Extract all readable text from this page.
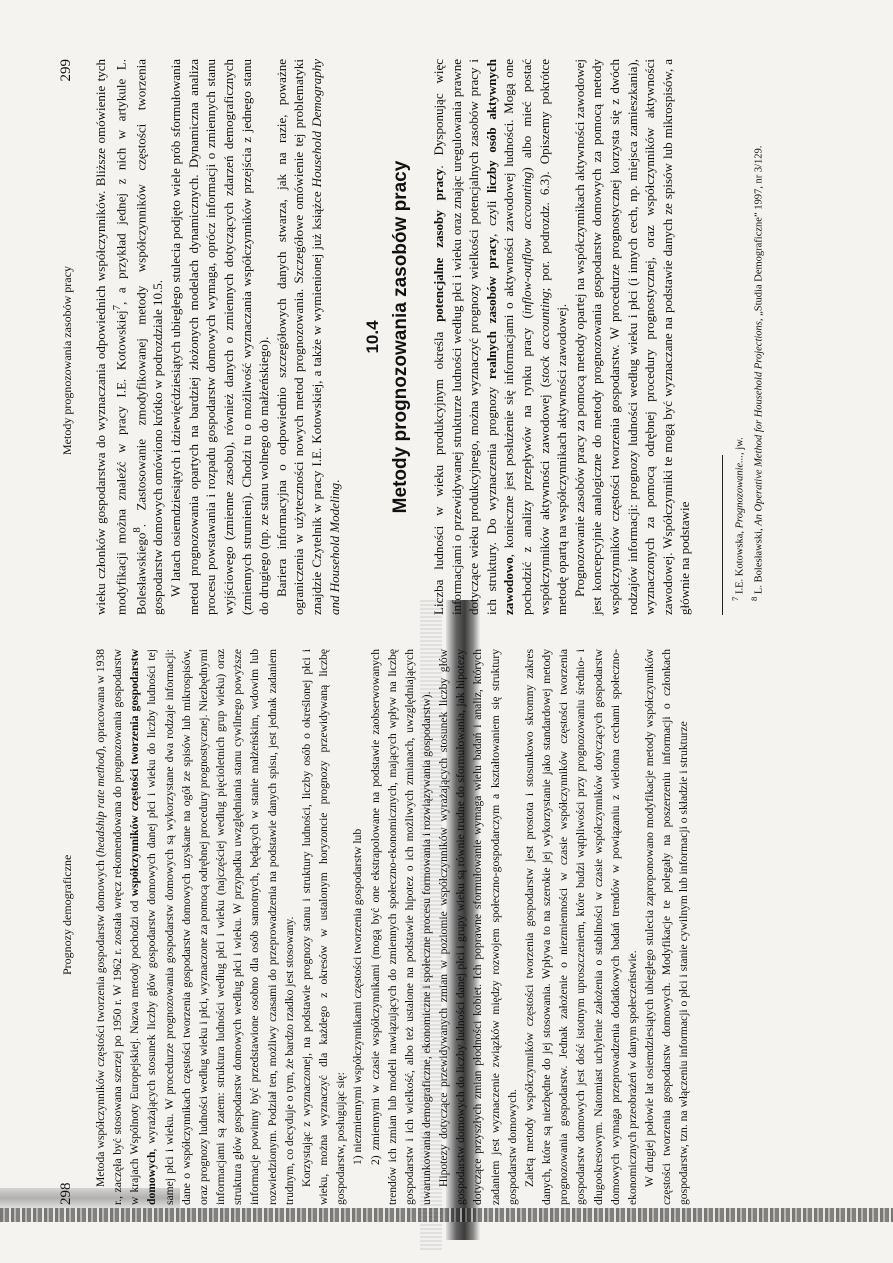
298
Prognozy demograficzne
Metody prognozowania zasobów pracy
299

Metoda współczynników częstości tworzenia gospodarstw domowych (headship rate method), opracowana w 1938 r., zaczęła być stosowana szerzej po 1950 r. W 1962 r. została wręcz rekomendowana do prognozowania gospodarstw w krajach Wspólnoty Europejskiej. Nazwa metody pochodzi od współczynników częstości tworzenia gospodarstw domowych, wyrażających stosunek liczby głów gospodarstw domowych danej płci i wieku do liczby ludności tej samej płci i wieku. W procedurze prognozowania gospodarstw domowych są wykorzystane dwa rodzaje informacji: dane o współczynnikach częstości tworzenia gospodarstw domowych uzyskane na ogół ze spisów lub mikrospisów, oraz prognozy ludności według wieku i płci, wyznaczone za pomocą odrębnej procedury prognostycznej. Niezbędnymi informacjami są zatem: struktura ludności według płci i wieku (najczęściej według pięcioletnich grup wieku) oraz struktura głów gospodarstw domowych według płci i wieku. W przypadku uwzględniania stanu cywilnego powyższe informacje powinny być przedstawione osobno dla osób samotnych, będących w stanie małżeńskim, wdowim lub rozwiedzionym. Podział ten, możliwy czasami do przeprowadzenia na podstawie danych spisu, jest jednak zadaniem trudnym, co decyduje o tym, że bardzo rzadko jest stosowany. Korzystając z wyznaczonej, na podstawie prognozy stanu i struktury ludności, liczby osób o określonej płci i wieku, można wyznaczyć dla każdego z okresów w ustalonym horyzoncie prognozy przewidywaną liczbę gospodarstw, posługując się: 1) niezmiennymi współczynnikami częstości tworzenia gospodarstw lub 2) zmiennymi w czasie współczynnikami (mogą być one ekstrapolowane na podstawie zaobserwowanych trendów ich zmian lub modeli nawiązujących do zmiennych społeczno-ekonomicznych, mających wpływ na liczbę gospodarstw i ich wielkość, albo też ustalone na podstawie hipotez o ich możliwych zmianach, uwzględniających uwarunkowania demograficzne, ekonomiczne i społeczne procesu formowania i rozwiązywania gospodarstw). Hipotezy dotyczące przewidywanych zmian w poziomie współczynników wyrażających stosunek liczby głów gospodarstw domowych do liczby ludności danej płci i grupy wieku są równie trudne do sformułowania, jak hipotezy dotyczące przyszłych zmian płodności kobiet. Ich poprawne sformułowanie wymaga wielu badań i analiz, których zadaniem jest wyznaczenie związków między rozwojem społeczno-gospodarczym a kształtowaniem się struktury gospodarstw domowych. Zaletą metody współczynników częstości tworzenia gospodarstw jest prostota i stosunkowo skromny zakres danych, które są niezbędne do jej stosowania. Wpływa to na szerokie jej wykorzystanie jako standardowej metody prognozowania gospodarstw. Jednak założenie o niezmienności w czasie współczynników częstości tworzenia gospodarstw domowych jest dość istotnym uproszczeniem, które budzi wątpliwości przy prognozowaniu średnio- i długookresowym. Natomiast uchylenie założenia o stabilności w czasie współczynników dotyczących gospodarstw domowych wymaga przeprowadzenia dodatkowych badań trendów w powiązaniu z wieloma cechami społeczno-ekonomicznych przeobrażeń w danym społeczeństwie. W drugiej połowie lat osiemdziesiątych ubiegłego stulecia zaproponowano modyfikacje metody współczynników częstości tworzenia gospodarstw domowych. Modyfikacje te polegały na poszerzeniu informacji o członkach gospodarstw, tzn. na włączeniu informacji o płci i stanie cywilnym lub informacji o składzie i strukturze

wieku członków gospodarstwa do wyznaczania odpowiednich współczynników. Bliższe omówienie tych modyfikacji można znaleźć w pracy I.E. Kotowskiej$^7$, a przykład jednej z nich w artykule L. Bolesławskiego$^8$. Zastosowanie zmodyfikowanej metody współczynników częstości tworzenia gospodarstw domowych omówiono krótko w podrozdziale 10.5. W latach osiemdziesiątych i dziewięćdziesiątych ubiegłego stulecia podjęto wiele prób sformułowania metod prognozowania opartych na bardziej złożonych modelach dynamicznych. Dynamiczna analiza procesu powstawania i rozpadu gospodarstw domowych wymaga, oprócz informacji o zmiennych stanu wyjściowego (zmienne zasobu), również danych o zmiennych dotyczących zdarzeń demograficznych (zmiennych strumieni). Chodzi tu o możliwość wyznaczania współczynników przejścia z jednego stanu do drugiego (np. ze stanu wolnego do małżeńskiego). Bariera informacyjna o odpowiednio szczegółowych danych stwarza, jak na razie, poważne ograniczenia w użyteczności nowych metod prognozowania. Szczegółowe omówienie tej problematyki znajdzie Czytelnik w pracy I.E. Kotowskiej, a także w wymienionej już książce Household Demography and Household Modeling.

10.4 Metody prognozowania zasobów pracy Liczba ludności w wieku produkcyjnym określa potencjalne zasoby pracy. Dysponując więc informacjami o przewidywanej strukturze ludności według płci i wieku oraz znając uregulowania prawne dotyczące wieku produkcyjnego, można wyznaczyć prognozy wielkości potencjalnych zasobów pracy i ich struktury. Do wyznaczenia prognozy realnych zasobów pracy, czyli liczby osób aktywnych zawodowo, konieczne jest posłużenie się informacjami o aktywności zawodowej ludności. Mogą one pochodzić z analizy przepływów na rynku pracy (inflow-outflow accounting) albo mieć postać współczynników aktywności zawodowej (stock accounting; por. podrozdz. 6.3). Opiszemy pokrótce metodę opartą na współczynnikach aktywności zawodowej. Prognozowanie zasobów pracy za pomocą metody opartej na współczynnikach aktywności zawodowej jest koncepcyjnie analogiczne do metody prognozowania gospodarstw domowych za pomocą metody współczynników częstości tworzenia gospodarstw. W procedurze prognostycznej korzysta się z dwóch rodzajów informacji: prognozy ludności według wieku i płci (i innych cech, np. miejsca zamieszkania), wyznaczonych za pomocą odrębnej procedury prognostycznej, oraz współczynników aktywności zawodowej. Współczynniki te mogą być wyznaczane na podstawie danych ze spisów lub mikrospisów, a głównie na podstawie	$^7$ I.E. Kotowska, Prognozowanie..., jw.

$^8$ L. Bolesławski, An Operative Method for Household Projections, „Studia Demograficzne” 1997, nr 3/129.
